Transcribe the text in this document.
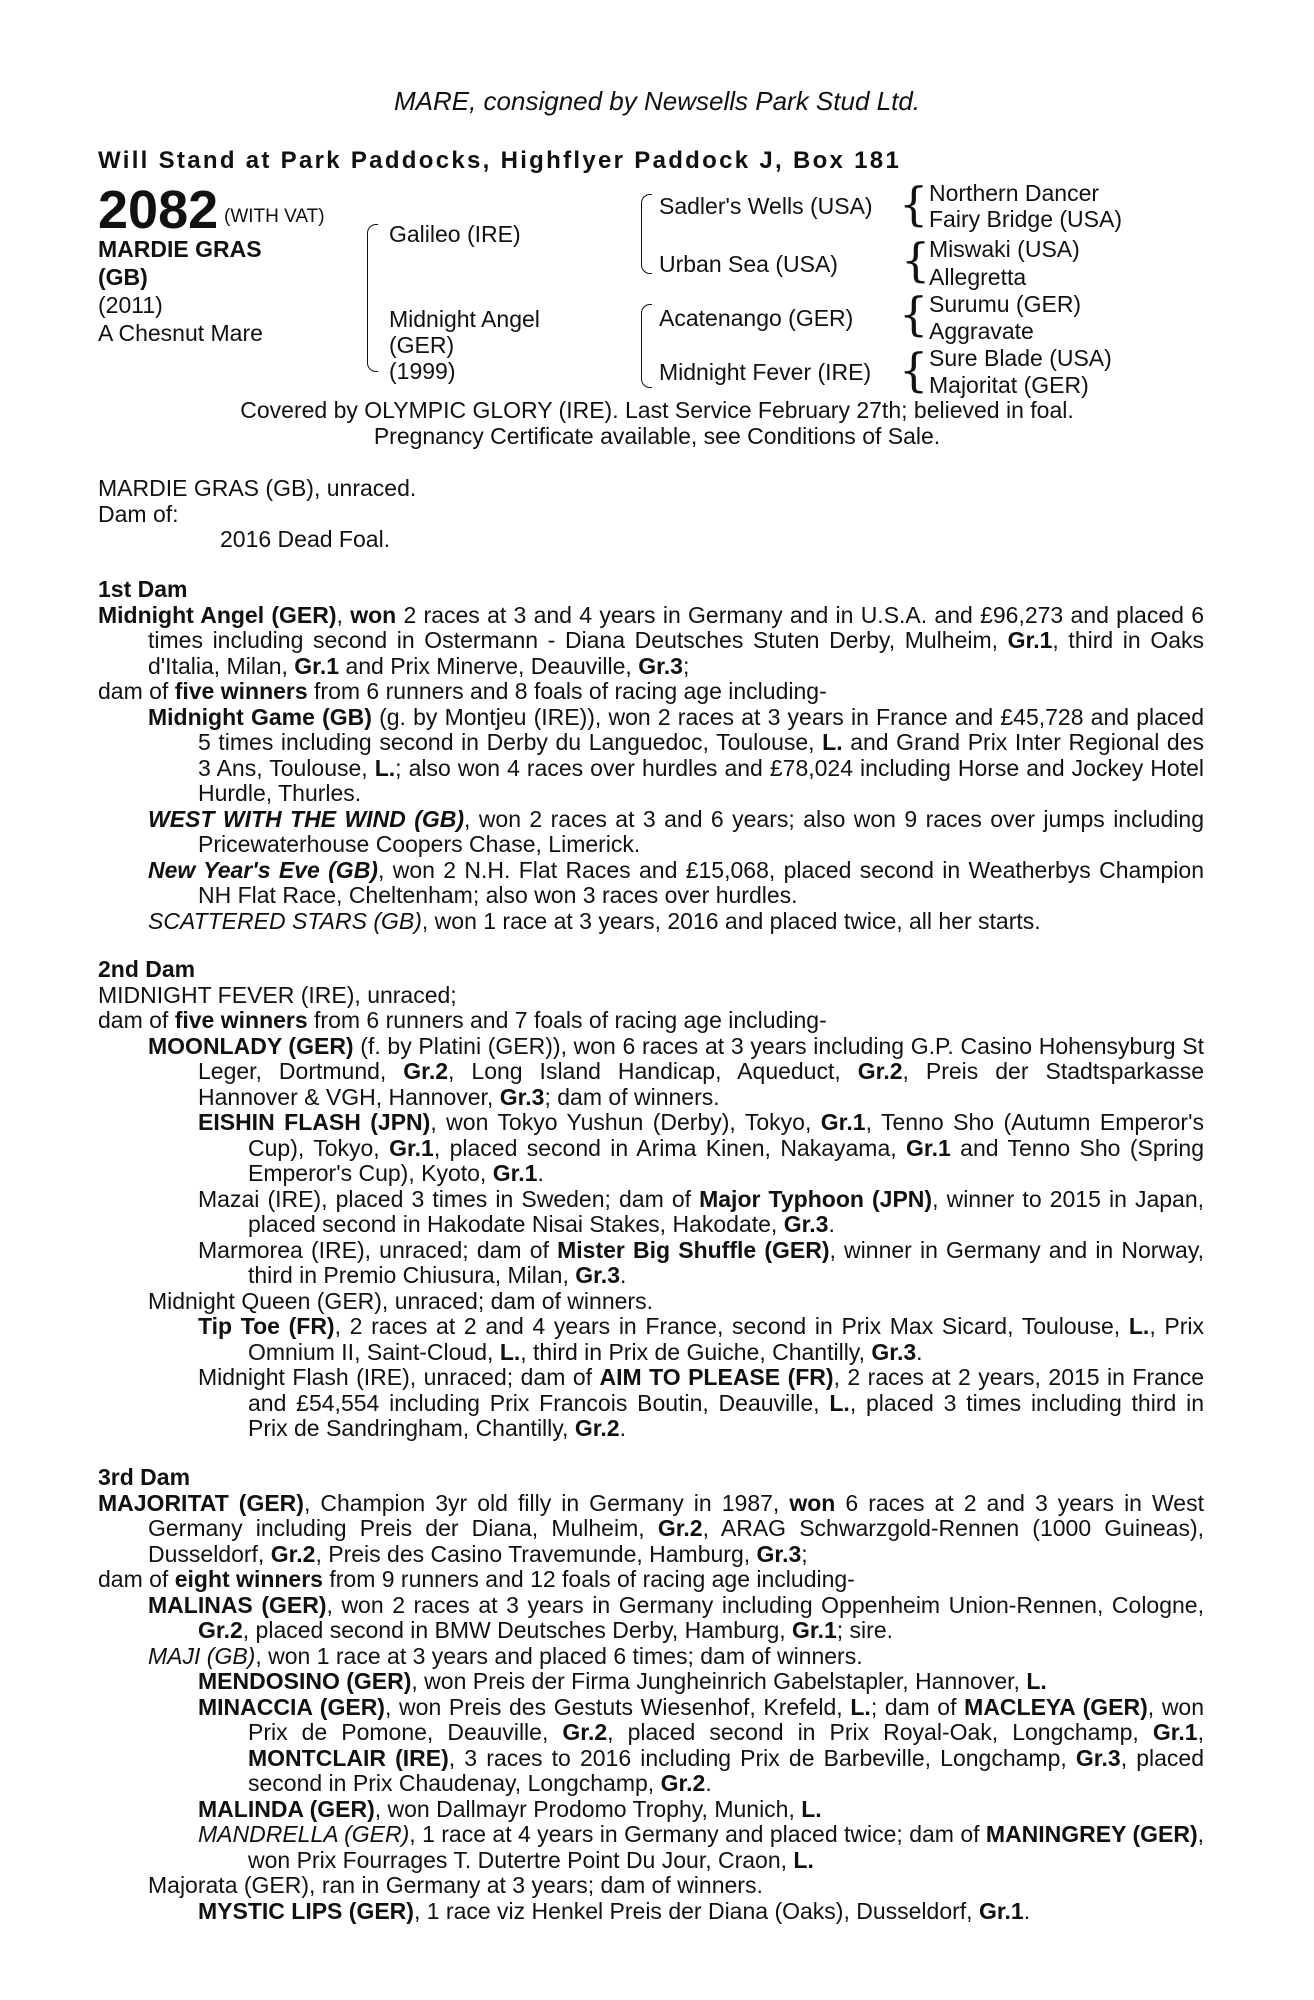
MARE, consigned by Newsells Park Stud Ltd.
Will Stand at Park Paddocks, Highflyer Paddock J, Box 181
2082 (WITH VAT)
MARDIE GRAS
(GB)
(2011)
A Chesnut Mare
Galileo (IRE)
Midnight Angel
(GER)
(1999)
Sadler's Wells (USA)
Urban Sea (USA)
Acatenango (GER)
Midnight Fever (IRE)
{
{
{
{
Northern Dancer
Fairy Bridge (USA)
Miswaki (USA)
Allegretta
Surumu (GER)
Aggravate
Sure Blade (USA)
Majoritat (GER)

Covered by OLYMPIC GLORY (IRE). Last Service February 27th; believed in foal.

Pregnancy Certificate available, see Conditions of Sale.

MARDIE GRAS (GB), unraced.

Dam of:

2016 Dead Foal.

1st Dam

Midnight Angel (GER), won 2 races at 3 and 4 years in Germany and in U.S.A. and £96,273 and placed 6 times including second in Ostermann - Diana Deutsches Stuten Derby, Mulheim, Gr.1, third in Oaks d'Italia, Milan, Gr.1 and Prix Minerve, Deauville, Gr.3;

dam of five winners from 6 runners and 8 foals of racing age including-

Midnight Game (GB) (g. by Montjeu (IRE)), won 2 races at 3 years in France and £45,728 and placed 5 times including second in Derby du Languedoc, Toulouse, L. and Grand Prix Inter Regional des 3 Ans, Toulouse, L.; also won 4 races over hurdles and £78,024 including Horse and Jockey Hotel Hurdle, Thurles.

WEST WITH THE WIND (GB), won 2 races at 3 and 6 years; also won 9 races over jumps including Pricewaterhouse Coopers Chase, Limerick.

New Year's Eve (GB), won 2 N.H. Flat Races and £15,068, placed second in Weatherbys Champion NH Flat Race, Cheltenham; also won 3 races over hurdles.

SCATTERED STARS (GB), won 1 race at 3 years, 2016 and placed twice, all her starts.

2nd Dam

MIDNIGHT FEVER (IRE), unraced;

dam of five winners from 6 runners and 7 foals of racing age including-

MOONLADY (GER) (f. by Platini (GER)), won 6 races at 3 years including G.P. Casino Hohensyburg St Leger, Dortmund, Gr.2, Long Island Handicap, Aqueduct, Gr.2, Preis der Stadtsparkasse Hannover & VGH, Hannover, Gr.3; dam of winners.

EISHIN FLASH (JPN), won Tokyo Yushun (Derby), Tokyo, Gr.1, Tenno Sho (Autumn Emperor's Cup), Tokyo, Gr.1, placed second in Arima Kinen, Nakayama, Gr.1 and Tenno Sho (Spring Emperor's Cup), Kyoto, Gr.1.

Mazai (IRE), placed 3 times in Sweden; dam of Major Typhoon (JPN), winner to 2015 in Japan, placed second in Hakodate Nisai Stakes, Hakodate, Gr.3.

Marmorea (IRE), unraced; dam of Mister Big Shuffle (GER), winner in Germany and in Norway, third in Premio Chiusura, Milan, Gr.3.

Midnight Queen (GER), unraced; dam of winners.

Tip Toe (FR), 2 races at 2 and 4 years in France, second in Prix Max Sicard, Toulouse, L., Prix Omnium II, Saint-Cloud, L., third in Prix de Guiche, Chantilly, Gr.3.

Midnight Flash (IRE), unraced; dam of AIM TO PLEASE (FR), 2 races at 2 years, 2015 in France and £54,554 including Prix Francois Boutin, Deauville, L., placed 3 times including third in Prix de Sandringham, Chantilly, Gr.2.

3rd Dam

MAJORITAT (GER), Champion 3yr old filly in Germany in 1987, won 6 races at 2 and 3 years in West Germany including Preis der Diana, Mulheim, Gr.2, ARAG Schwarzgold-Rennen (1000 Guineas), Dusseldorf, Gr.2, Preis des Casino Travemunde, Hamburg, Gr.3;

dam of eight winners from 9 runners and 12 foals of racing age including-

MALINAS (GER), won 2 races at 3 years in Germany including Oppenheim Union-Rennen, Cologne, Gr.2, placed second in BMW Deutsches Derby, Hamburg, Gr.1; sire.

MAJI (GB), won 1 race at 3 years and placed 6 times; dam of winners.

MENDOSINO (GER), won Preis der Firma Jungheinrich Gabelstapler, Hannover, L.

MINACCIA (GER), won Preis des Gestuts Wiesenhof, Krefeld, L.; dam of MACLEYA (GER), won Prix de Pomone, Deauville, Gr.2, placed second in Prix Royal-Oak, Longchamp, Gr.1, MONTCLAIR (IRE), 3 races to 2016 including Prix de Barbeville, Longchamp, Gr.3, placed second in Prix Chaudenay, Longchamp, Gr.2.

MALINDA (GER), won Dallmayr Prodomo Trophy, Munich, L.

MANDRELLA (GER), 1 race at 4 years in Germany and placed twice; dam of MANINGREY (GER), won Prix Fourrages T. Dutertre Point Du Jour, Craon, L.

Majorata (GER), ran in Germany at 3 years; dam of winners.

MYSTIC LIPS (GER), 1 race viz Henkel Preis der Diana (Oaks), Dusseldorf, Gr.1.
